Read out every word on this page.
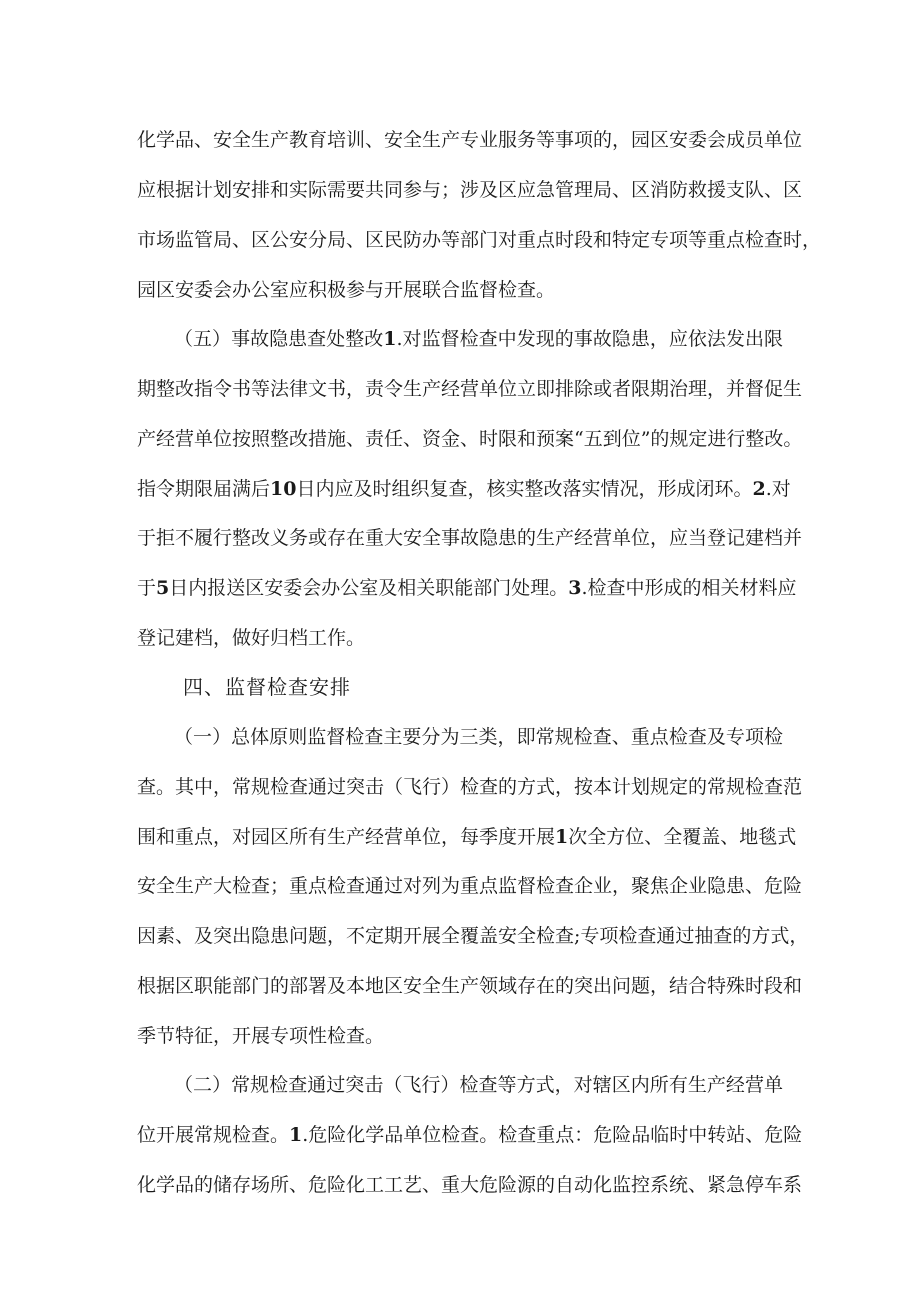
化学品、安全生产教育培训、安全生产专业服务等事项的，园区安委会成员单位
应根据计划安排和实际需要共同参与；涉及区应急管理局、区消防救援支队、区
市场监管局、区公安分局、区民防办等部门对重点时段和特定专项等重点检查时，
园区安委会办公室应积极参与开展联合监督检查。
（五）事故隐患查处整改1.对监督检查中发现的事故隐患，应依法发出限
期整改指令书等法律文书，责令生产经营单位立即排除或者限期治理，并督促生
产经营单位按照整改措施、责任、资金、时限和预案“五到位”的规定进行整改。
指令期限届满后10日内应及时组织复查，核实整改落实情况，形成闭环。2.对
于拒不履行整改义务或存在重大安全事故隐患的生产经营单位，应当登记建档并
于5日内报送区安委会办公室及相关职能部门处理。3.检查中形成的相关材料应
登记建档，做好归档工作。
四、监督检查安排
（一）总体原则监督检查主要分为三类，即常规检查、重点检查及专项检
查。其中，常规检查通过突击（飞行）检查的方式，按本计划规定的常规检查范
围和重点，对园区所有生产经营单位，每季度开展1次全方位、全覆盖、地毯式
安全生产大检查；重点检查通过对列为重点监督检查企业，聚焦企业隐患、危险
因素、及突出隐患问题，不定期开展全覆盖安全检查;专项检查通过抽查的方式，
根据区职能部门的部署及本地区安全生产领域存在的突出问题，结合特殊时段和
季节特征，开展专项性检查。
（二）常规检查通过突击（飞行）检查等方式，对辖区内所有生产经营单
位开展常规检查。1.危险化学品单位检查。检查重点：危险品临时中转站、危险
化学品的储存场所、危险化工工艺、重大危险源的自动化监控系统、紧急停车系
